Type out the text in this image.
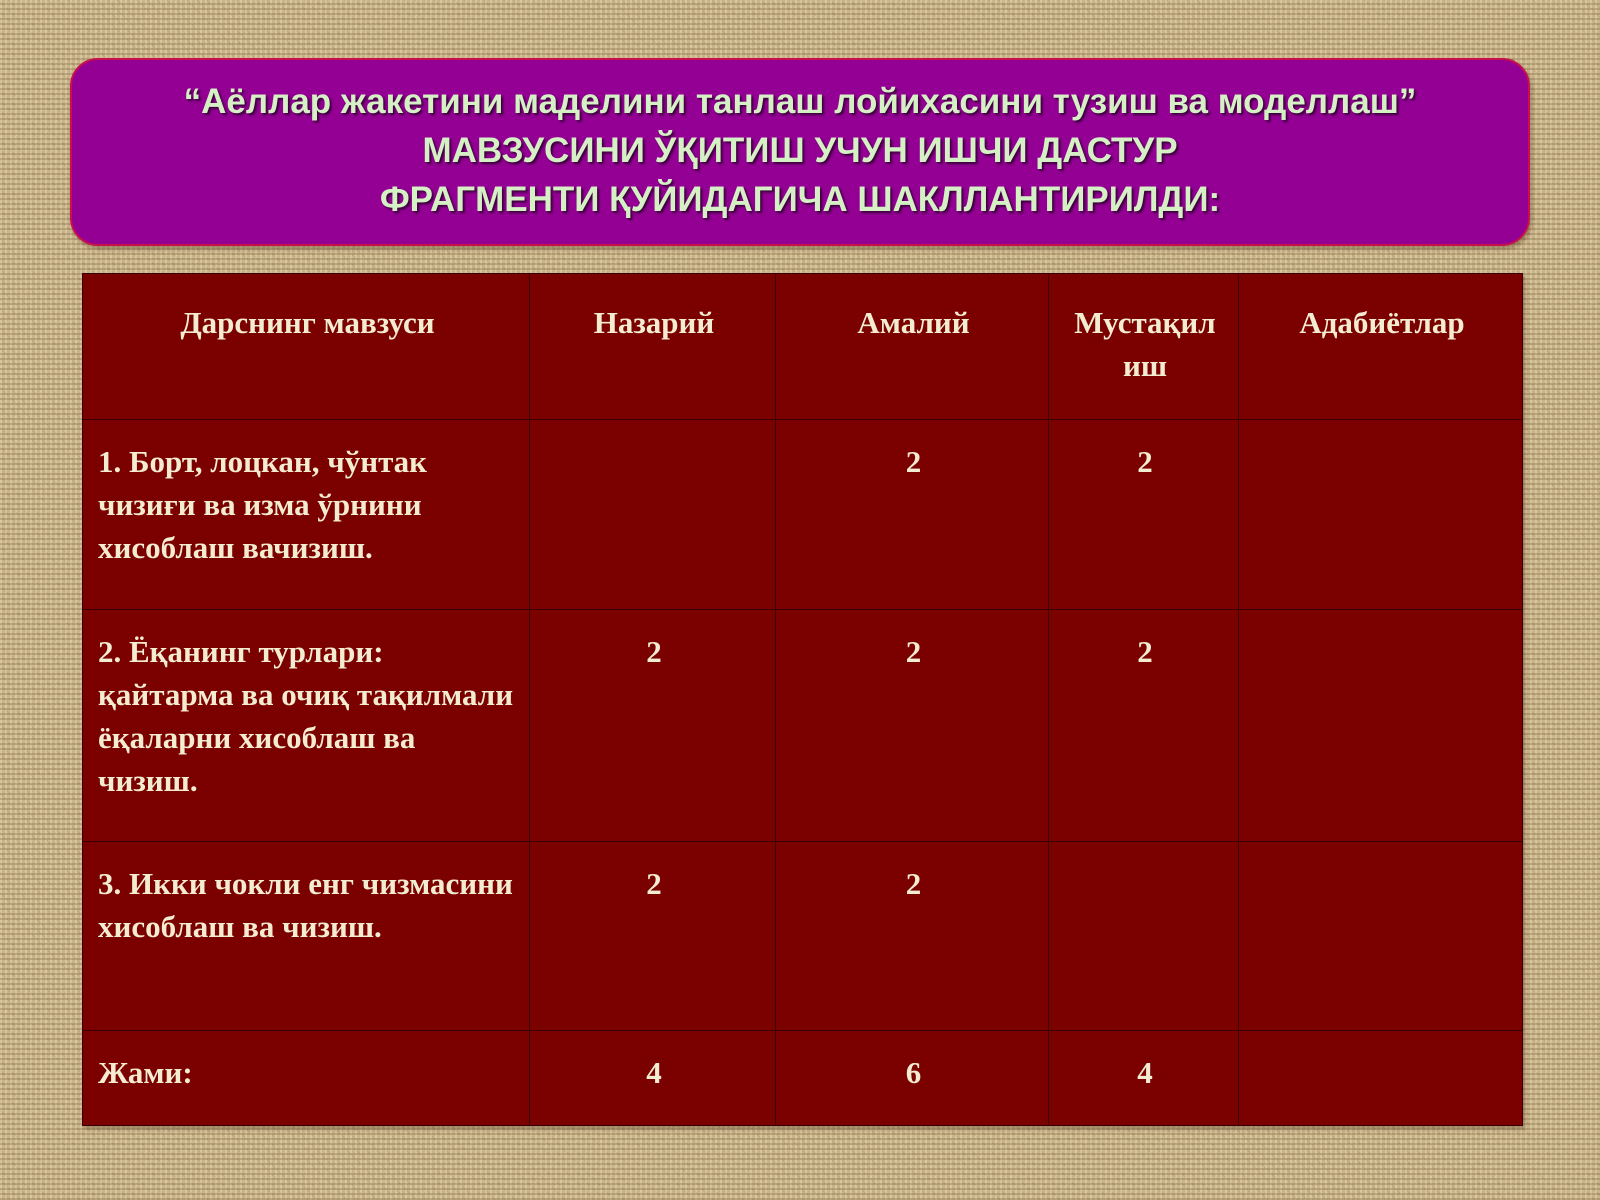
“Аёллар жакетини маделини танлаш лойихасини тузиш ва моделлаш”
МАВЗУСИНИ ЎҚИТИШ УЧУН ИШЧИ ДАСТУР
ФРАГМЕНТИ ҚУЙИДАГИЧА ШАКЛЛАНТИРИЛДИ:
Дарснинг мавзуси	Назарий	Амалий	Мустақил иш	Адабиётлар
1. Борт, лоцкан, чўнтак чизиғи ва изма ўрнини хисоблаш вачизиш.		2	2	
2. Ёқанинг турлари: қайтарма ва очиқ тақилмали ёқаларни хисоблаш ва чизиш.	2	2	2	
3. Икки чокли енг чизмасини хисоблаш ва чизиш.	2	2		
Жами:	4	6	4	
